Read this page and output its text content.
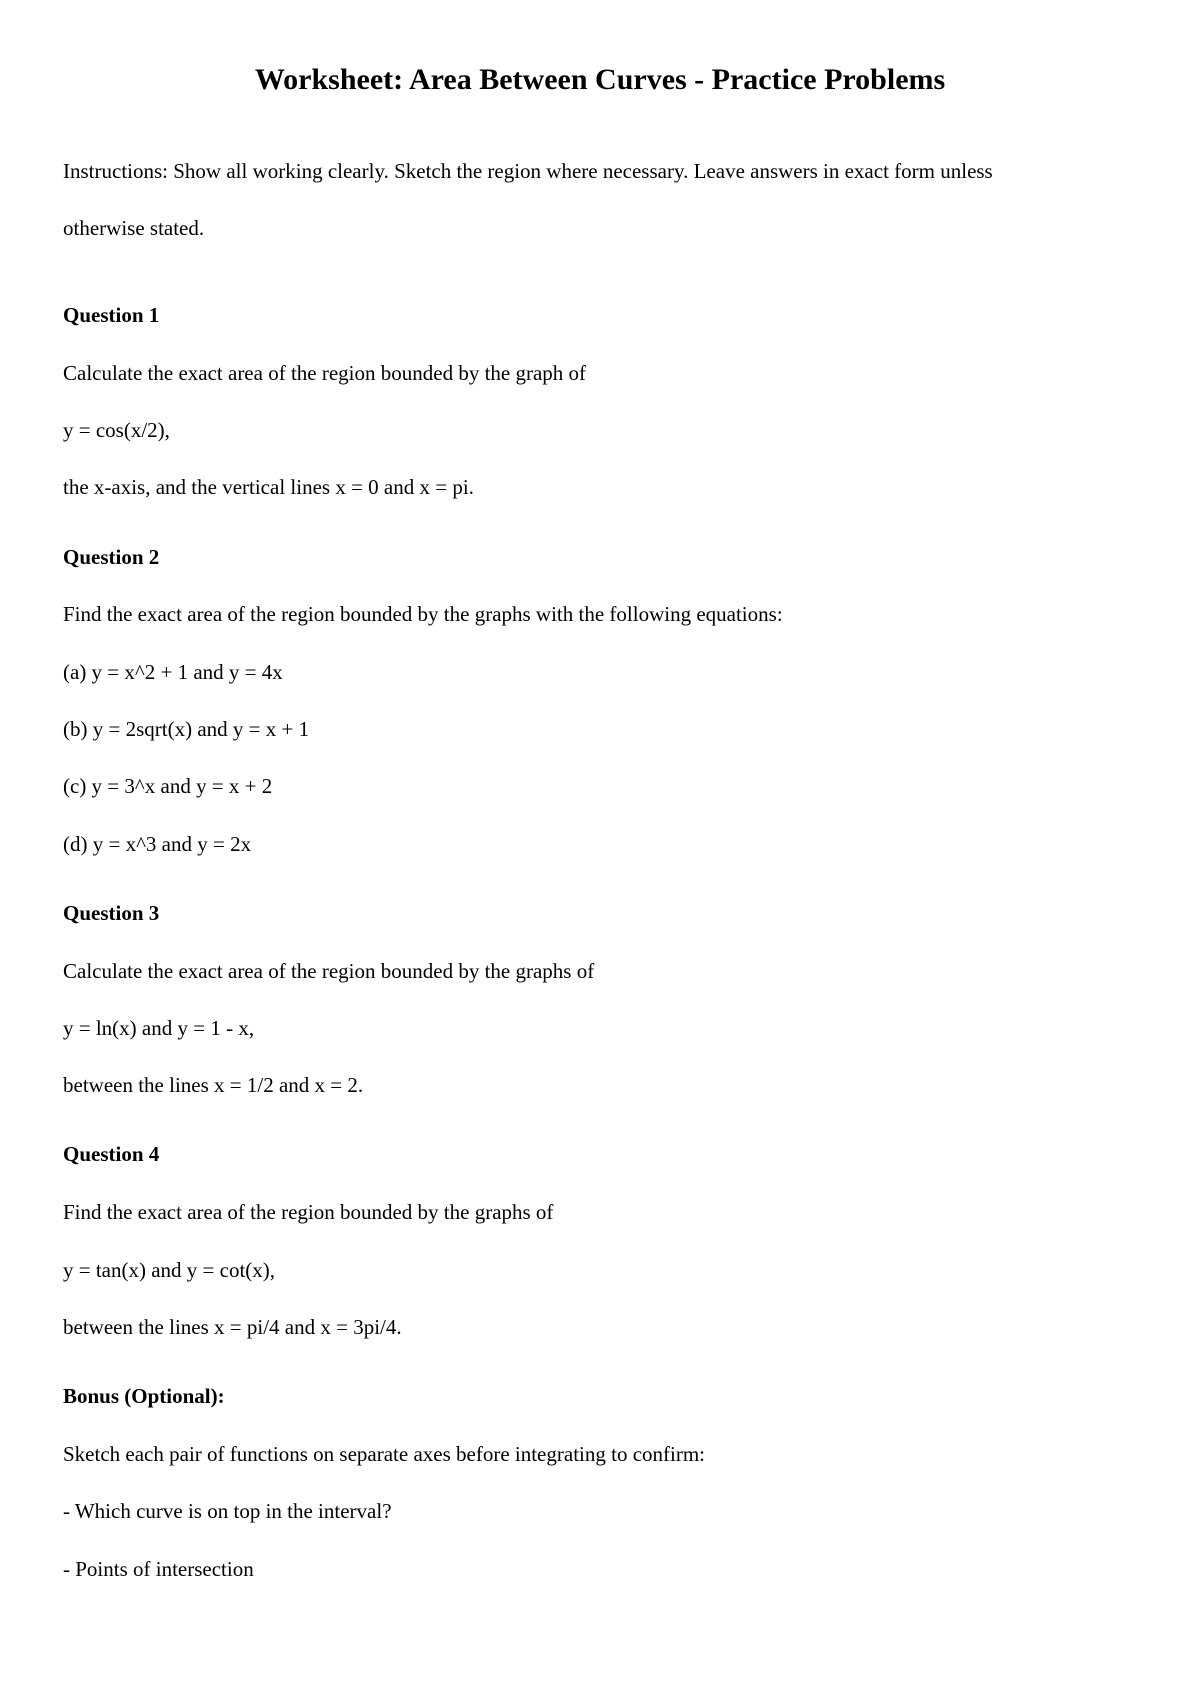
Worksheet: Area Between Curves - Practice Problems

Instructions: Show all working clearly. Sketch the region where necessary. Leave answers in exact form unless

otherwise stated.

Question 1

Calculate the exact area of the region bounded by the graph of

y = cos(x/2),

the x-axis, and the vertical lines x = 0 and x = pi.

Question 2

Find the exact area of the region bounded by the graphs with the following equations:

(a) y = x^2 + 1 and y = 4x

(b) y = 2sqrt(x) and y = x + 1

(c) y = 3^x and y = x + 2

(d) y = x^3 and y = 2x

Question 3

Calculate the exact area of the region bounded by the graphs of

y = ln(x) and y = 1 - x,

between the lines x = 1/2 and x = 2.

Question 4

Find the exact area of the region bounded by the graphs of

y = tan(x) and y = cot(x),

between the lines x = pi/4 and x = 3pi/4.

Bonus (Optional):

Sketch each pair of functions on separate axes before integrating to confirm:

- Which curve is on top in the interval?

- Points of intersection
